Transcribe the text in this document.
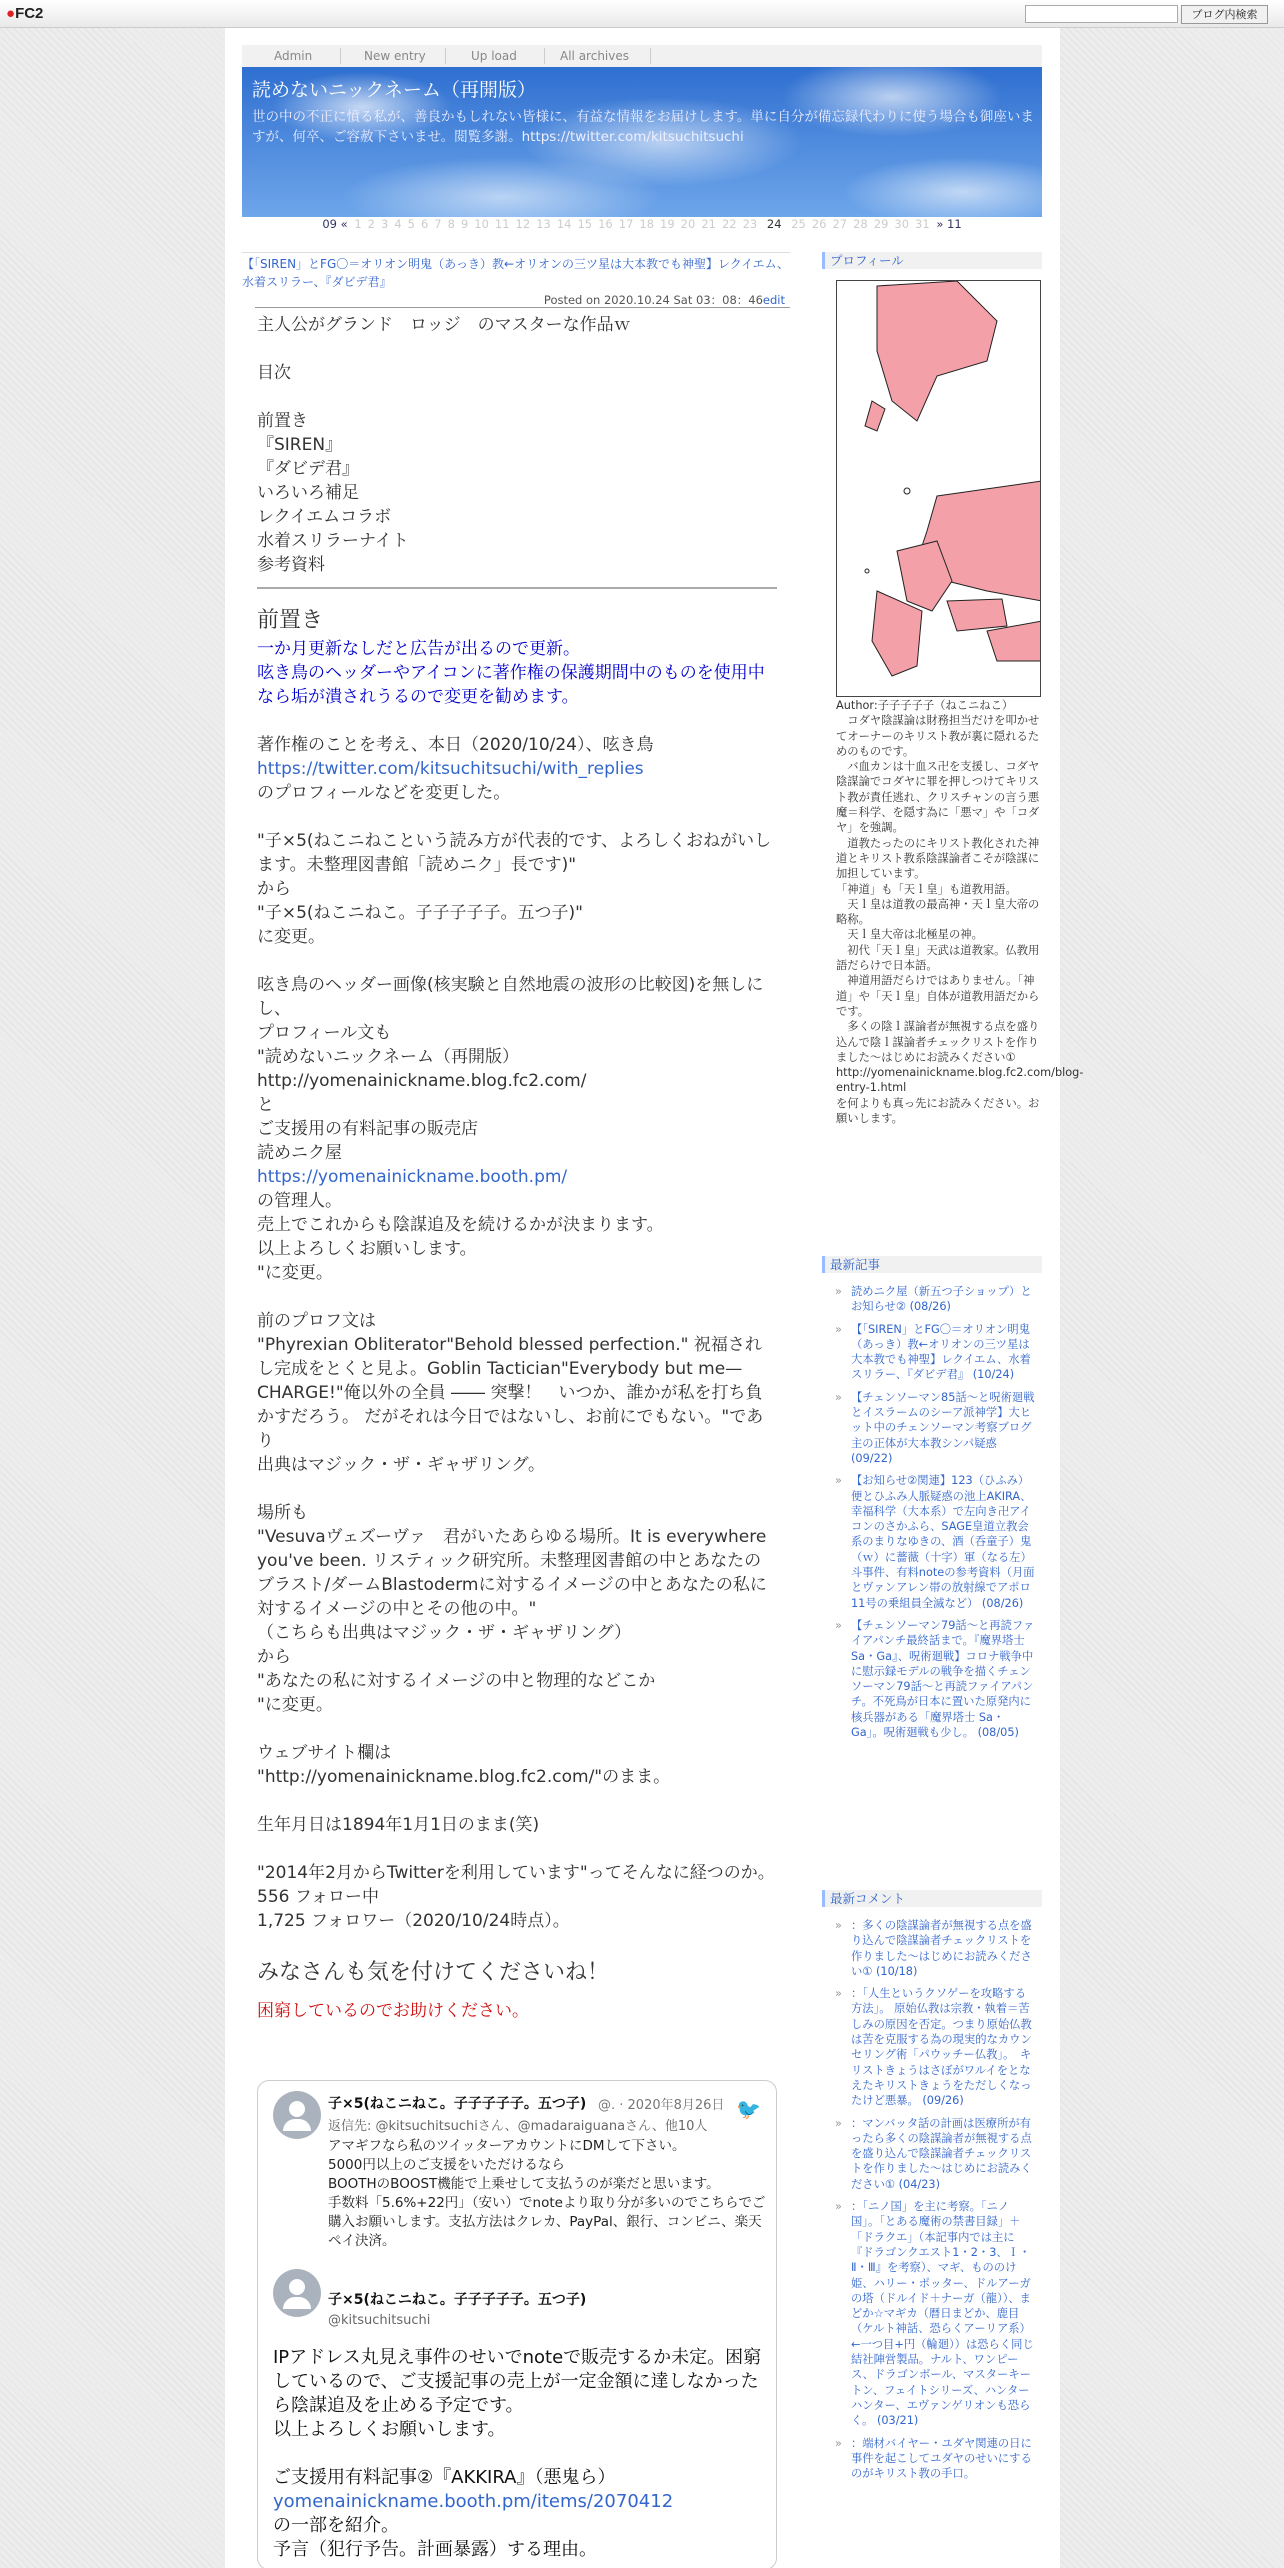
●FC2	ブログ内検索
Admin	New entry	Up load	All archives
読めないニックネーム（再開版）
世の中の不正に憤る私が、善良かもしれない皆様に、有益な情報をお届けします。単に自分が備忘録代わりに使う場合も御座いますが、何卒、ご容赦下さいませ。閲覧多謝。https://twitter.com/kitsuchitsuchi
09 « 1 2 3 4 5 6 7 8 9 10 11 12 13 14 15 16 17 18 19 20 21 22 23 24 25 26 27 28 29 30 31 » 11
【「SIREN」とFG〇＝オリオン明鬼（あっき）教←オリオンの三ツ星は大本教でも神聖】レクイエム、水着スリラー、『ダビデ君』
Posted on 2020.10.24 Sat 03：08：46edit

主人公がグランド　ロッジ　のマスターな作品ｗ

目次

前置き

『SIREN』

『ダビデ君』

いろいろ補足

レクイエムコラボ

水着スリラーナイト

参考資料

前置き

一か月更新なしだと広告が出るので更新。

呟き鳥のヘッダーやアイコンに著作権の保護期間中のものを使用中なら垢が潰されうるので変更を勧めます。

著作権のことを考え、本日（2020/10/24）、呟き鳥

https://twitter.com/kitsuchitsuchi/with_replies

のプロフィールなどを変更した。

"子×5(ねこニねこという読み方が代表的です、よろしくおねがいします。未整理図書館「読めニク」長です)"

から

"子×5(ねこニねこ。子子子子子。五つ子)"

に変更。

呟き鳥のヘッダー画像(核実験と自然地震の波形の比較図)を無しにし、

プロフィール文も

"読めないニックネーム（再開版）

http://yomenainickname.blog.fc2.com/

と

ご支援用の有料記事の販売店

読めニク屋

https://yomenainickname.booth.pm/

の管理人。

売上でこれからも陰謀追及を続けるかが決まります。

以上よろしくお願いします。

"に変更。

前のプロフ文は

"Phyrexian Obliterator"Behold blessed perfection." 祝福されし完成をとくと見よ。Goblin Tactician"Everybody but me—CHARGE!"俺以外の全員 ―― 突撃！　いつか、誰かが私を打ち負かすだろう。 だがそれは今日ではないし、お前にでもない。"であり

出典はマジック・ザ・ギャザリング。

場所も

"Vesuvaヴェズーヴァ　君がいたあらゆる場所。It is everywhere you've been. リスティック研究所。未整理図書館の中とあなたのブラスト/ダームBlastodermに対するイメージの中とあなたの私に対するイメージの中とその他の中。"

（こちらも出典はマジック・ザ・ギャザリング）

から

"あなたの私に対するイメージの中と物理的などこか

"に変更。

ウェブサイト欄は

"http://yomenainickname.blog.fc2.com/"のまま。

生年月日は1894年1月1日のまま(笑)

"2014年2月からTwitterを利用しています"ってそんなに経つのか。

556 フォロー中

1,725 フォロワー（2020/10/24時点）。

みなさんも気を付けてくださいね！

困窮しているのでお助けください。

子×5(ねこニねこ。子子子子子。五つ子) @. · 2020年8月26日 🐦
返信先: @kitsuchitsuchiさん、@madaraiguanaさん、他10人

アマギフなら私のツイッターアカウントにDMして下さい。

5000円以上のご支援をいただけるなら

BOOTHのBOOST機能で上乗せして支払うのが楽だと思います。

手数料「5.6%+22円」（安い）でnoteより取り分が多いのでこちらでご購入お願いします。支払方法はクレカ、PayPal、銀行、コンビニ、楽天ペイ決済。

子×5(ねこニねこ。子子子子子。五つ子)
@kitsuchitsuchi

IPアドレス丸見え事件のせいでnoteで販売するか未定。困窮しているので、ご支援記事の売上が一定金額に達しなかったら陰謀追及を止める予定です。

以上よろしくお願いします。

ご支援用有料記事②『AKKIRA』（悪鬼ら）

yomenainickname.booth.pm/items/2070412

の一部を紹介。

予言（犯行予告。計画暴露）する理由。

プロフィール
Author:子子子子子（ねこニねこ）
　コダヤ陰謀論は財務担当だけを叩かせてオーナーのキリスト教が裏に隠れるためのものです。
　バ血カンは十血ス卍を支援し、コダヤ陰謀論でコダヤに罪を押しつけてキリスト教が責任逃れ、クリスチャンの言う悪魔＝科学、を隠す為に「悪マ」や「コダヤ」を強調。
　道教たったのにキリスト教化された神道とキリスト教系陰謀論者こそが陰謀に加担しています。
「神道」も「天ｌ皇」も道教用語。
　天ｌ皇は道教の最高神・天ｌ皇大帝の略称。
　天ｌ皇大帝は北極星の神。
　初代「天ｌ皇」天武は道教家。仏教用語だらけで日本語。
　神道用語だらけではありません。「神道」や「天ｌ皇」自体が道教用語だから です。
　多くの陰ｌ謀論者が無視する点を盛り込んで陰ｌ謀論者チェックリストを作りました～はじめにお読みください①
http://yomenainickname.blog.fc2.com/blog-entry-1.html
を何よりも真っ先にお読みください。お願いします。
最新記事
» 読めニク屋（新五つ子ショップ）とお知らせ② (08/26)
» 【「SIREN」とFG〇＝オリオン明鬼（あっき）教←オリオンの三ツ星は大本教でも神聖】レクイエム、水着スリラー、『ダビデ君』 (10/24)
» 【チェンソーマン85話～と呪術廻戦とイスラームのシーア派神学】大ヒット中のチェンソーマン考察ブログ主の正体が大本教シンパ疑惑 (09/22)
» 【お知らせ②関連】123（ひふみ）便とひふみ人脈疑惑の池上AKIRA、幸福科学（大本系）で左向き卍アイコンのさかふら、SAGE皇道立教会系のまりなゆきの、酒（呑童子）鬼（ｗ）に薔薇（十字）軍（なる左）斗事件、有料noteの参考資料（月面とヴァンアレン帯の放射線でアポロ11号の乗組員全滅など） (08/26)
» 【チェンソーマン79話～と再読ファイアパンチ最終話まで。『魔界塔士 Sa・Ga』、呪術廻戦】コロナ戦争中に慰示録モデルの戦争を描くチェンソーマン79話～と再読ファイアパンチ。不死鳥が日本に置いた原発内に核兵器がある「魔界塔士 Sa・Ga」。呪術廻戦も少し。 (08/05)
最新コメント
» ：多くの陰謀論者が無視する点を盛り込んで陰謀論者チェックリストを作りました～はじめにお読みください① (10/18)
» ：「人生というクソゲーを攻略する方法」。 原始仏教は宗教・執着＝苦しみの原因を否定。つまり原始仏教は苦を克服する為の現実的なカウンセリング術「パウッチー仏教」。　キリストきょうはさぼがワルイをとなえたキリストきょうをただしくなったけど悪暴。 (09/26)
» ：マンバッタ話の計画は医療所が有ったら多くの陰謀論者が無視する点を盛り込んで陰謀論者チェックリストを作りました～はじめにお読みください① (04/23)
» ：「ニノ国」を主に考察。「ニノ国」。「とある魔術の禁書目録」＋「ドラクエ」（本記事内では主に『ドラゴンクエスト1・2・3、Ｉ・Ⅱ・Ⅲ』を考察）、マギ、もののけ姫、ハリー・ポッター、ドルアーガの塔（ドルイド＋ナーガ（龍））、まどか☆マギカ（暦日まどか、鹿目（ケルト神話、恐らくアーリア系）←一つ目+円（輪廻））は恐らく同じ結社陣営製品。ナルト、ワンピース、ドラゴンボール、マスターキートン、フェイトシリーズ、ハンターハンター、エヴァンゲリオンも恐らく。 (03/21)
» ：端材バイヤー・ユダヤ関連の日に事件を起こしてユダヤのせいにするのがキリスト教の手口。
